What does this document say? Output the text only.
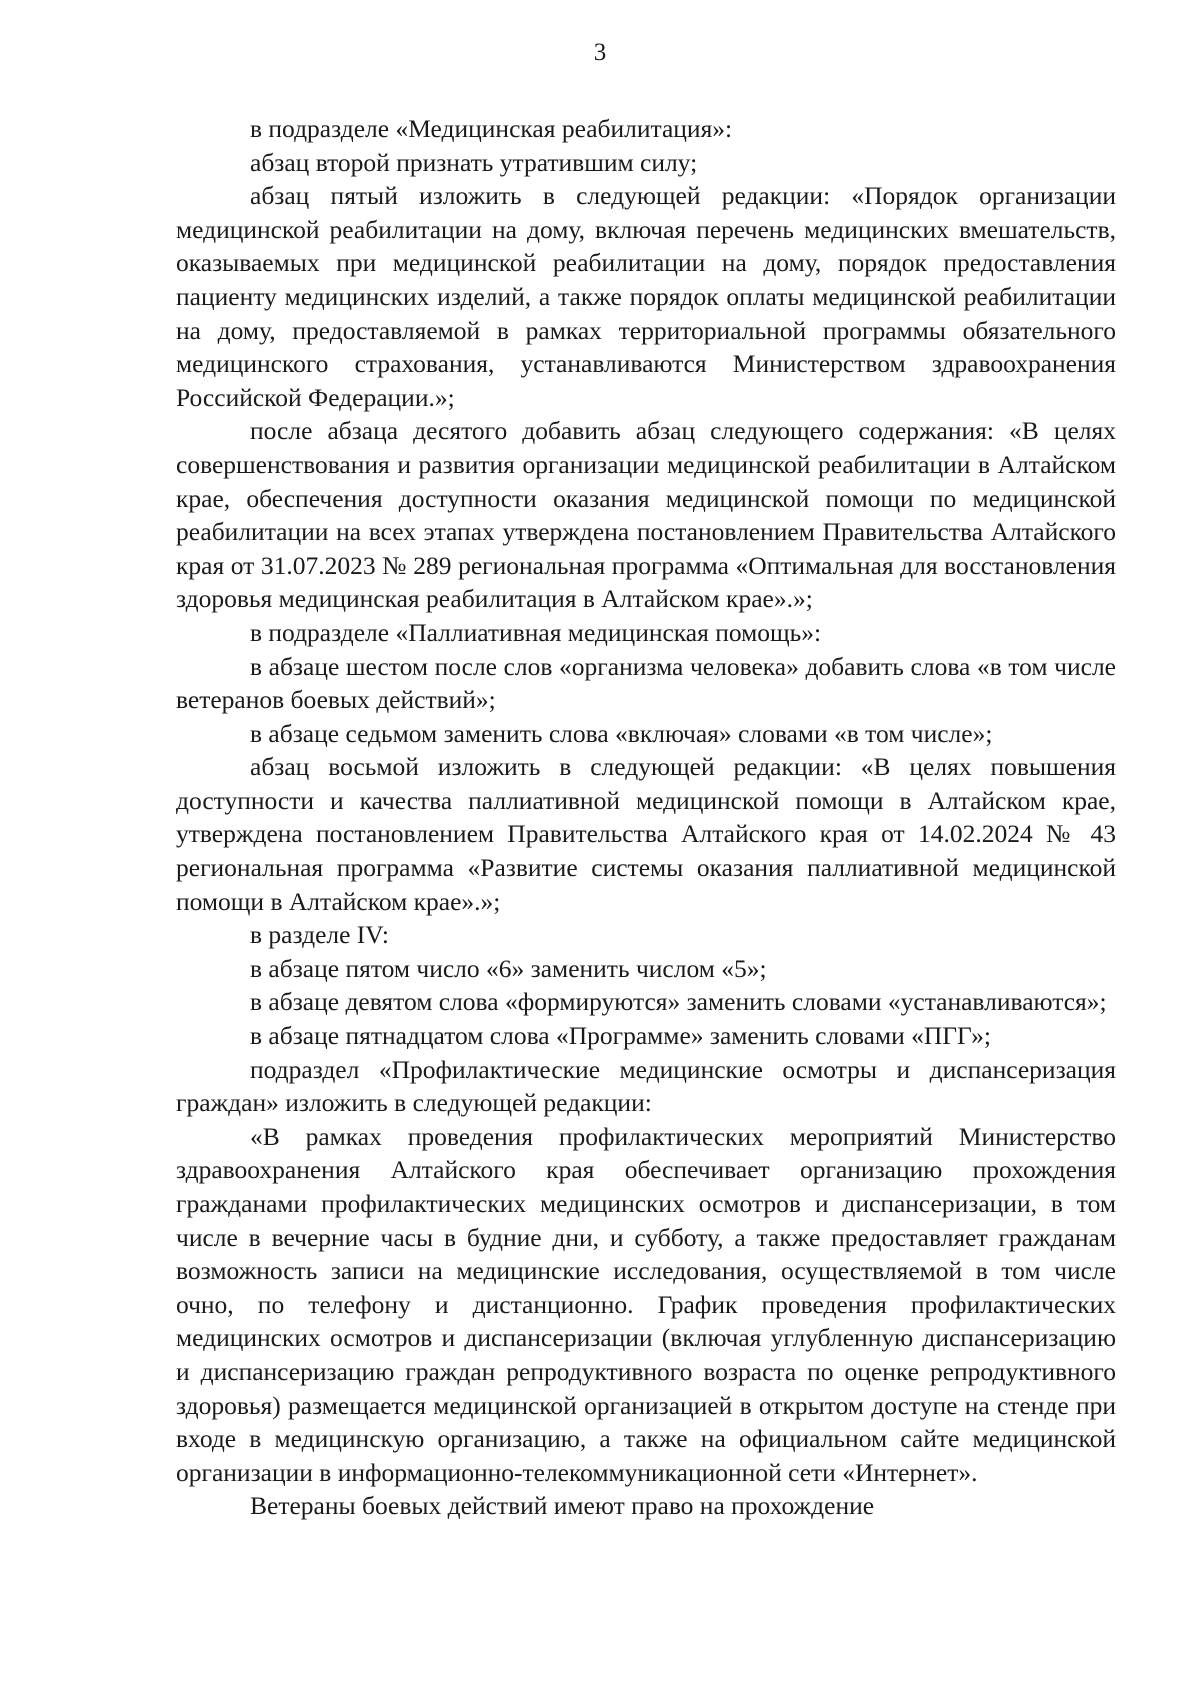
3

в подразделе «Медицинская реабилитация»:

абзац второй признать утратившим силу;

абзац пятый изложить в следующей редакции: «Порядок организации медицинской реабилитации на дому, включая перечень медицинских вмешательств, оказываемых при медицинской реабилитации на дому, порядок предоставления пациенту медицинских изделий, а также порядок оплаты медицинской реабилитации на дому, предоставляемой в рамках территориальной программы обязательного медицинского страхования, устанавливаются Министерством здравоохранения Российской Федерации.»;

после абзаца десятого добавить абзац следующего содержания: «В целях совершенствования и развития организации медицинской реабилитации в Алтайском крае, обеспечения доступности оказания медицинской помощи по медицинской реабилитации на всех этапах утверждена постановлением Правительства Алтайского края от 31.07.2023 № 289 региональная программа «Оптимальная для восстановления здоровья медицинская реабилитация в Алтайском крае».»;

в подразделе «Паллиативная медицинская помощь»:

в абзаце шестом после слов «организма человека» добавить слова «в том числе ветеранов боевых действий»;

в абзаце седьмом заменить слова «включая» словами «в том числе»;

абзац восьмой изложить в следующей редакции: «В целях повышения доступности и качества паллиативной медицинской помощи в Алтайском крае, утверждена постановлением Правительства Алтайского края от 14.02.2024 № 43 региональная программа «Развитие системы оказания паллиативной медицинской помощи в Алтайском крае».»;

в разделе IV:

в абзаце пятом число «6» заменить числом «5»;

в абзаце девятом слова «формируются» заменить словами «устанавливаются»;

в абзаце пятнадцатом слова «Программе» заменить словами «ПГГ»;

подраздел «Профилактические медицинские осмотры и диспансеризация граждан» изложить в следующей редакции:

«В рамках проведения профилактических мероприятий Министерство здравоохранения Алтайского края обеспечивает организацию прохождения гражданами профилактических медицинских осмотров и диспансеризации, в том числе в вечерние часы в будние дни, и субботу, а также предоставляет гражданам возможность записи на медицинские исследования, осуществляемой в том числе очно, по телефону и дистанционно. График проведения профилактических медицинских осмотров и диспансеризации (включая углубленную диспансеризацию и диспансеризацию граждан репродуктивного возраста по оценке репродуктивного здоровья) размещается медицинской организацией в открытом доступе на стенде при входе в медицинскую организацию, а также на официальном сайте медицинской организации в информационно-телекоммуникационной сети «Интернет».

Ветераны боевых действий имеют право на прохождение
